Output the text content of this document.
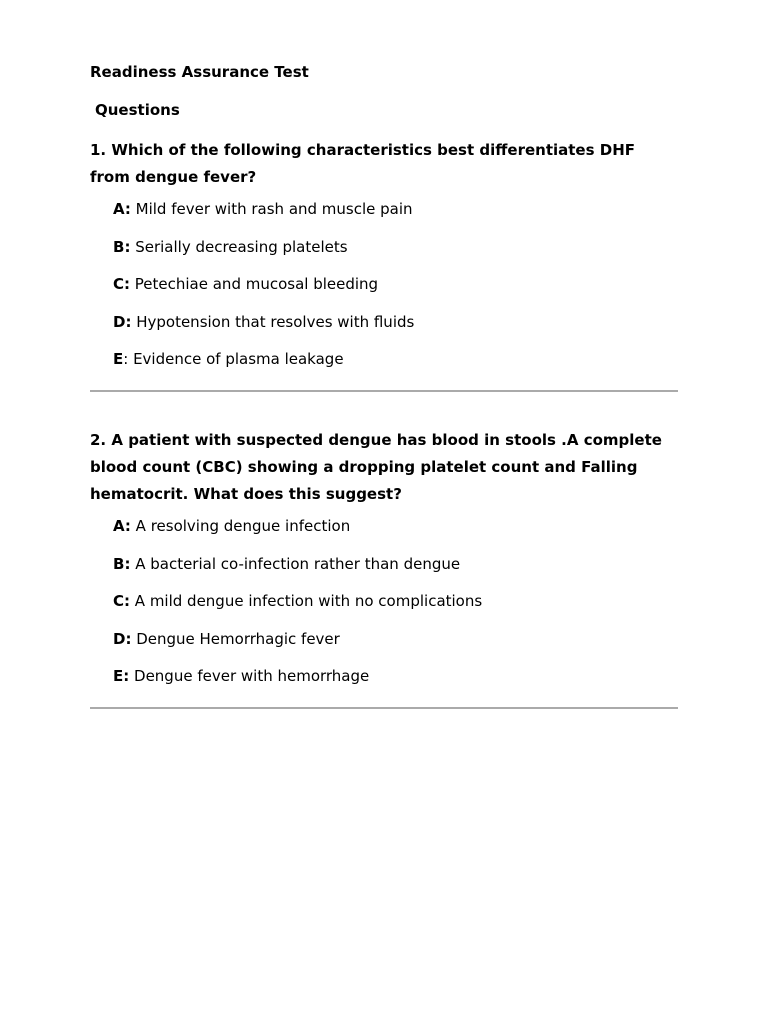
Readiness Assurance Test
Questions

1. Which of the following characteristics best differentiates DHF from dengue fever?

A: Mild fever with rash and muscle pain
B: Serially decreasing platelets
C: Petechiae and mucosal bleeding
D: Hypotension that resolves with fluids
E: Evidence of plasma leakage

2. A patient with suspected dengue has blood in stools .A complete blood count (CBC) showing a dropping platelet count and Falling hematocrit. What does this suggest?

A: A resolving dengue infection
B: A bacterial co-infection rather than dengue
C: A mild dengue infection with no complications
D: Dengue Hemorrhagic fever
E: Dengue fever with hemorrhage
